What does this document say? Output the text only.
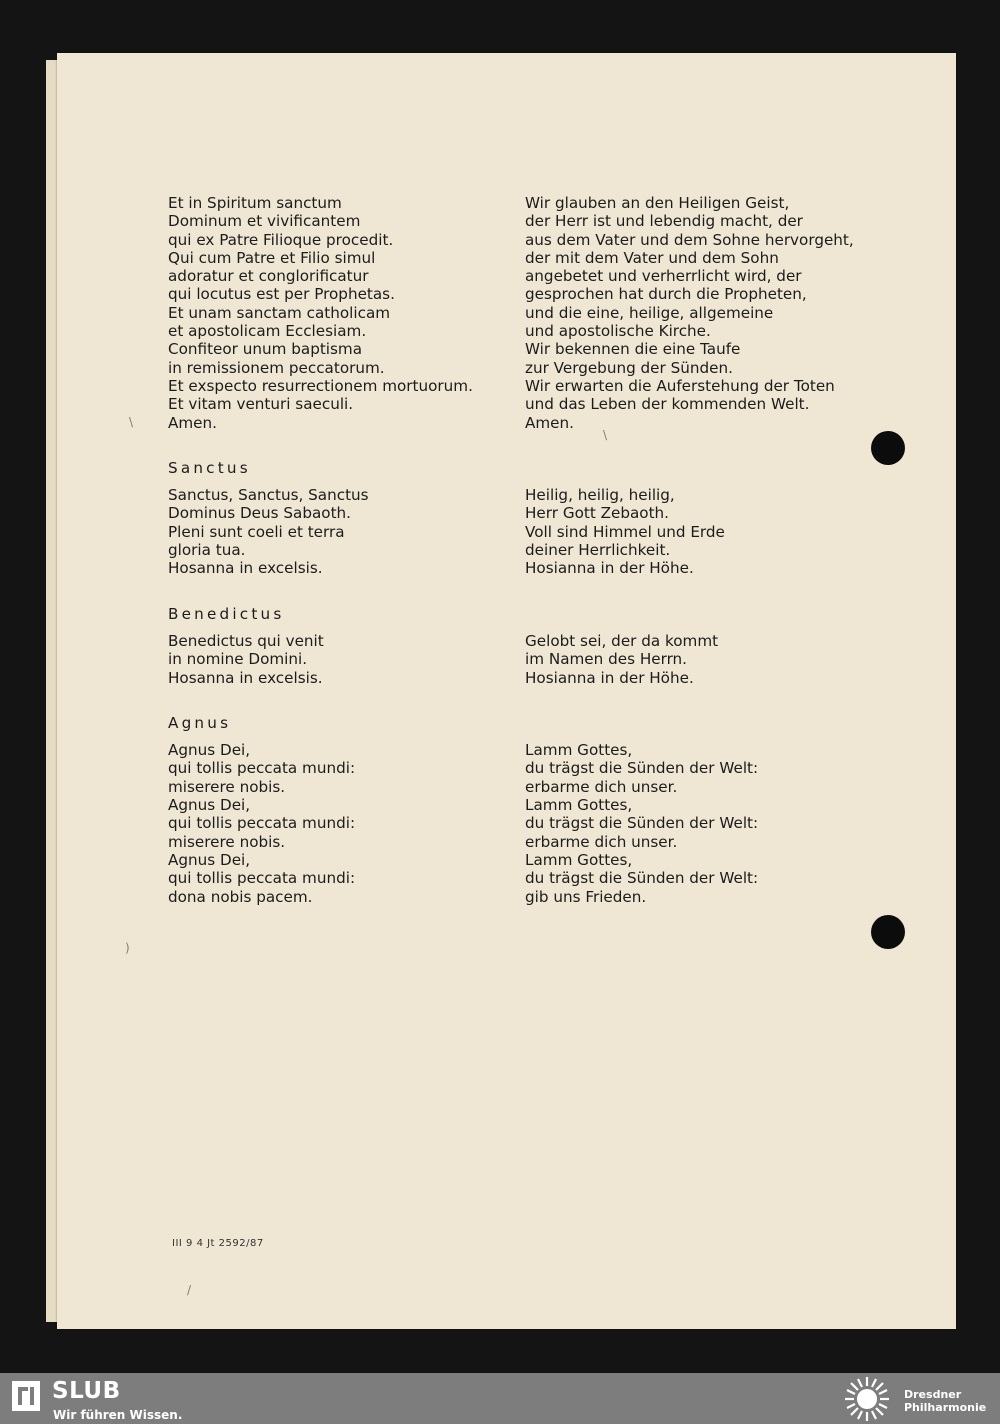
Et in Spiritum sanctum
Dominum et vivificantem
qui ex Patre Filioque procedit.
Qui cum Patre et Filio simul
adoratur et conglorificatur
qui locutus est per Prophetas.
Et unam sanctam catholicam
et apostolicam Ecclesiam.
Confiteor unum baptisma
in remissionem peccatorum.
Et exspecto resurrectionem mortuorum.
Et vitam venturi saeculi.
Amen.
Sanctus
Sanctus, Sanctus, Sanctus
Dominus Deus Sabaoth.
Pleni sunt coeli et terra
gloria tua.
Hosanna in excelsis.
Benedictus
Benedictus qui venit
in nomine Domini.
Hosanna in excelsis.
Agnus
Agnus Dei,
qui tollis peccata mundi:
miserere nobis.
Agnus Dei,
qui tollis peccata mundi:
miserere nobis.
Agnus Dei,
qui tollis peccata mundi:
dona nobis pacem.
Wir glauben an den Heiligen Geist,
der Herr ist und lebendig macht, der
aus dem Vater und dem Sohne hervorgeht,
der mit dem Vater und dem Sohn
angebetet und verherrlicht wird, der
gesprochen hat durch die Propheten,
und die eine, heilige, allgemeine
und apostolische Kirche.
Wir bekennen die eine Taufe
zur Vergebung der Sünden.
Wir erwarten die Auferstehung der Toten
und das Leben der kommenden Welt.
Amen.
Heilig, heilig, heilig,
Herr Gott Zebaoth.
Voll sind Himmel und Erde
deiner Herrlichkeit.
Hosianna in der Höhe.
Gelobt sei, der da kommt
im Namen des Herrn.
Hosianna in der Höhe.
Lamm Gottes,
du trägst die Sünden der Welt:
erbarme dich unser.
Lamm Gottes,
du trägst die Sünden der Welt:
erbarme dich unser.
Lamm Gottes,
du trägst die Sünden der Welt:
gib uns Frieden.
III 9 4 Jt 2592/87
\
\
)
/
SLUB
Wir führen Wissen.
Dresdner
Philharmonie
